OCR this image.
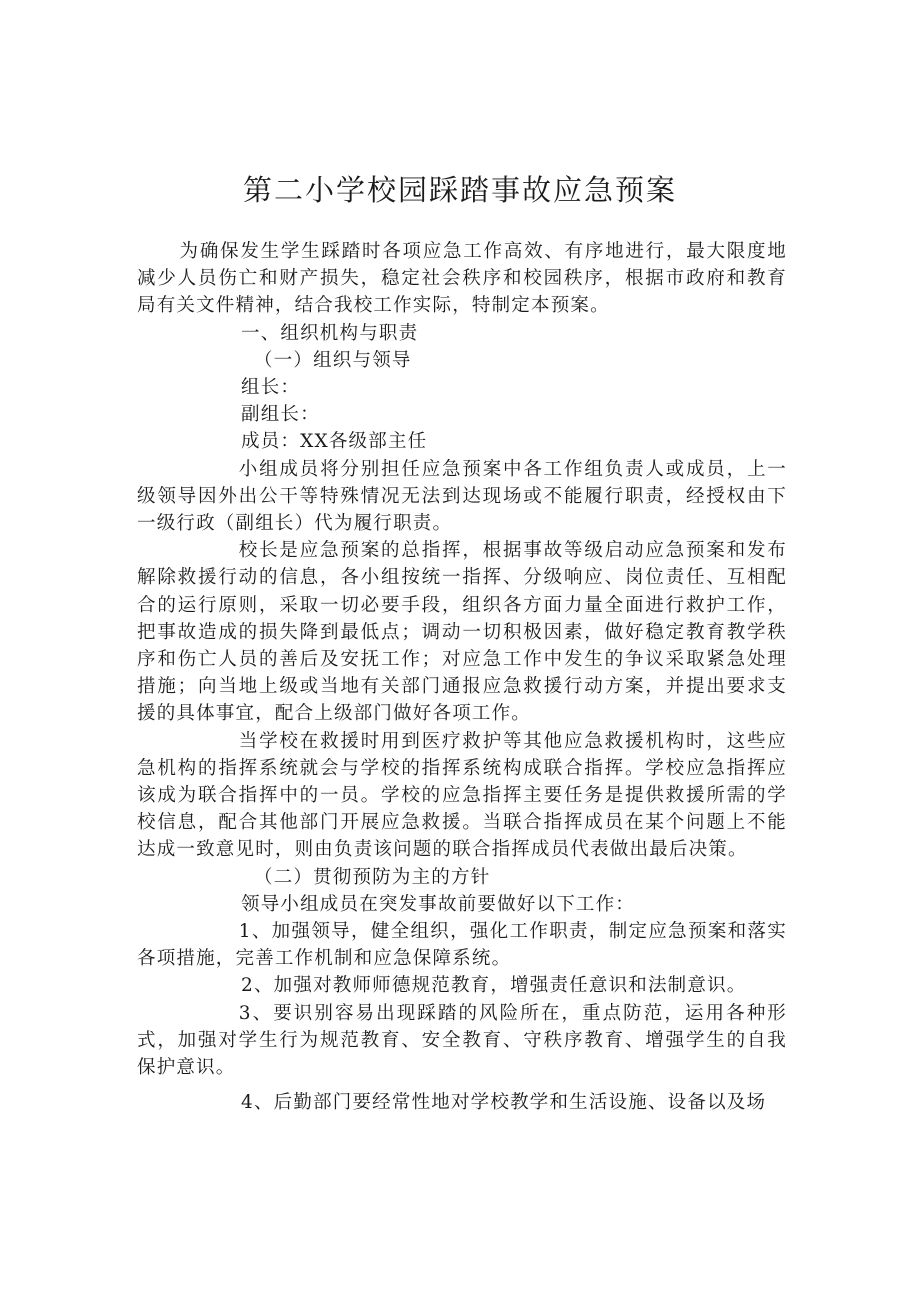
第二小学校园踩踏事故应急预案

为确保发生学生踩踏时各项应急工作高效、有序地进行，最大限度地减少人员伤亡和财产损失，稳定社会秩序和校园秩序，根据市政府和教育局有关文件精神，结合我校工作实际，特制定本预案。

一、组织机构与职责

（一）组织与领导

组长：

副组长：

成员：XX各级部主任

小组成员将分别担任应急预案中各工作组负责人或成员，上一级领导因外出公干等特殊情况无法到达现场或不能履行职责，经授权由下一级行政（副组长）代为履行职责。

校长是应急预案的总指挥，根据事故等级启动应急预案和发布解除救援行动的信息，各小组按统一指挥、分级响应、岗位责任、互相配合的运行原则，采取一切必要手段，组织各方面力量全面进行救护工作，把事故造成的损失降到最低点；调动一切积极因素，做好稳定教育教学秩序和伤亡人员的善后及安抚工作；对应急工作中发生的争议采取紧急处理措施；向当地上级或当地有关部门通报应急救援行动方案，并提出要求支援的具体事宜，配合上级部门做好各项工作。

当学校在救援时用到医疗救护等其他应急救援机构时，这些应急机构的指挥系统就会与学校的指挥系统构成联合指挥。学校应急指挥应该成为联合指挥中的一员。学校的应急指挥主要任务是提供救援所需的学校信息，配合其他部门开展应急救援。当联合指挥成员在某个问题上不能达成一致意见时，则由负责该问题的联合指挥成员代表做出最后决策。

（二）贯彻预防为主的方针

领导小组成员在突发事故前要做好以下工作：

1、加强领导，健全组织，强化工作职责，制定应急预案和落实各项措施，完善工作机制和应急保障系统。

2、加强对教师师德规范教育，增强责任意识和法制意识。

3、要识别容易出现踩踏的风险所在，重点防范，运用各种形式，加强对学生行为规范教育、安全教育、守秩序教育、增强学生的自我保护意识。

4、后勤部门要经常性地对学校教学和生活设施、设备以及场
